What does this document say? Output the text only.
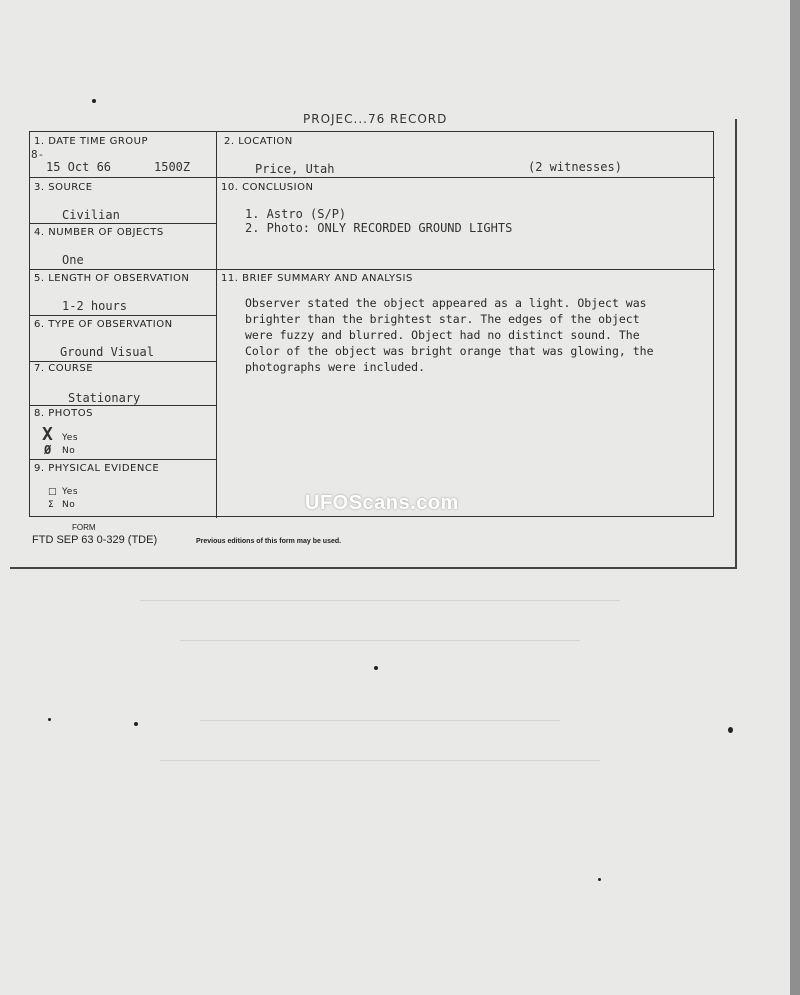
PROJEC...76 RECORD
1. DATE TIME GROUP
8-
15 Oct 66	1500Z
2. LOCATION
Price, Utah	(2 witnesses)
3. SOURCE
Civilian
4. NUMBER OF OBJECTS
One
5. LENGTH OF OBSERVATION
1-2 hours
6. TYPE OF OBSERVATION
Ground Visual
7. COURSE
Stationary
8. PHOTOS
X Yes
Ø No
9. PHYSICAL EVIDENCE
□ Yes
Σ No
10. CONCLUSION
1. Astro (S/P)
2. Photo: ONLY RECORDED GROUND LIGHTS
11. BRIEF SUMMARY AND ANALYSIS
Observer stated the object appeared as a light. Object was
brighter than the brightest star. The edges of the object
were fuzzy and blurred. Object had no distinct sound. The
Color of the object was bright orange that was glowing, the
photographs were included.
UFOScans.com
FORM
FTD SEP 63 0-329 (TDE)	Previous editions of this form may be used.
